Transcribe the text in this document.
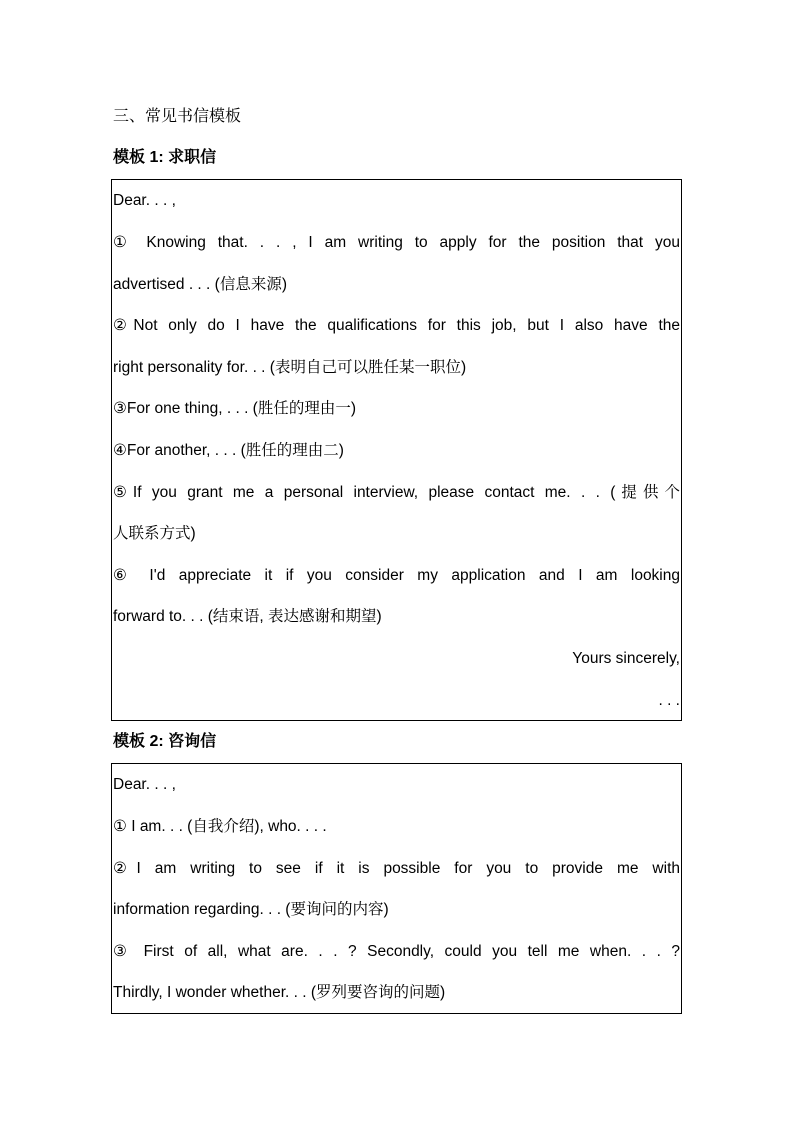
三、常见书信模板
模板 1: 求职信
Dear. . . ,
① Knowing that. . . , I am writing to apply for the position that you
advertised . . . (信息来源)
②Not only do I have the qualifications for this job, but I also have the
right personality for. . . (表明自己可以胜任某一职位)
③For one thing, . . . (胜任的理由一)
④For another, . . . (胜任的理由二)
⑤If you grant me a personal interview, please contact me. . . (提供个
人联系方式)
⑥ I'd appreciate it if you consider my application and I am looking
forward to. . . (结束语, 表达感谢和期望)
Yours sincerely,
. . .
模板 2: 咨询信
Dear. . . ,
① I am. . . (自我介绍), who. . . .
②I am writing to see if it is possible for you to provide me with
information regarding. . . (要询问的内容)
③ First of all, what are. . . ? Secondly, could you tell me when. . . ?
Thirdly, I wonder whether. . . (罗列要咨询的问题)
